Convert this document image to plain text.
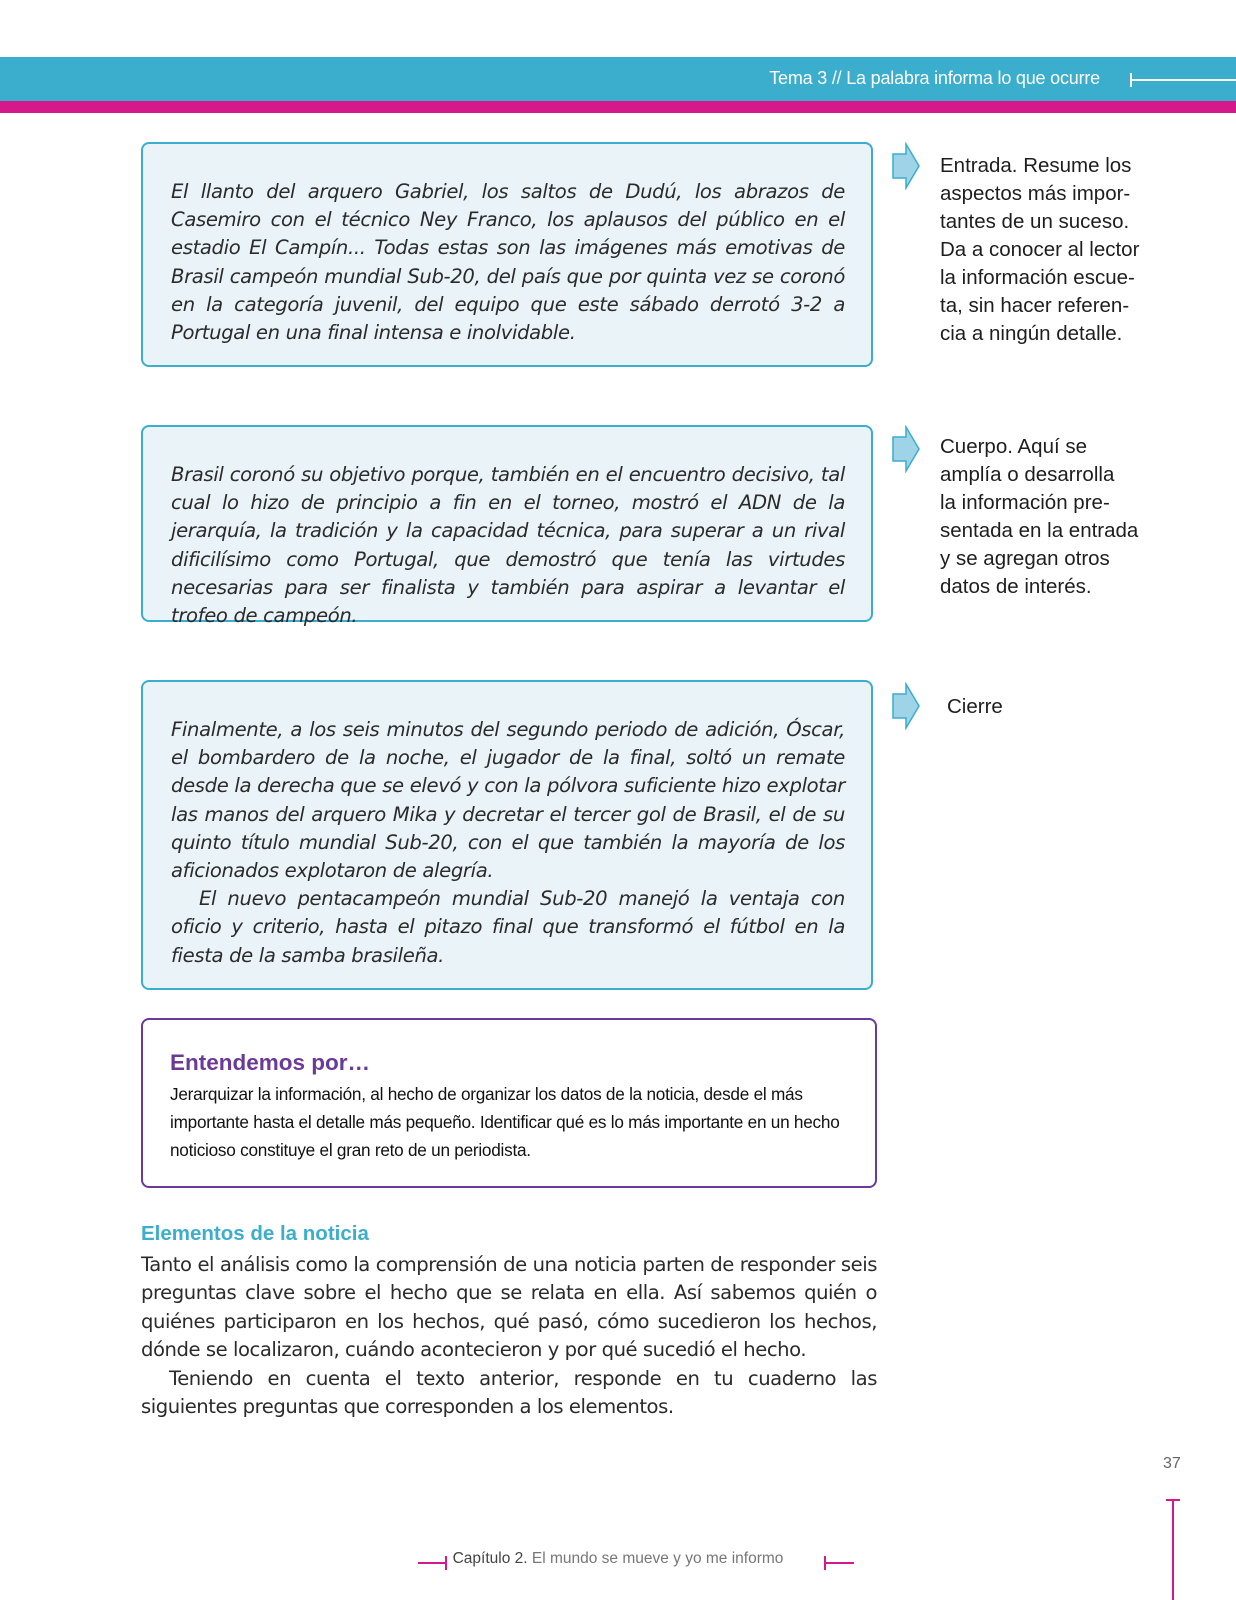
Tema 3 // La palabra informa lo que ocurre

El llanto del arquero Gabriel, los saltos de Dudú, los abrazos de Casemiro con el técnico Ney Franco, los aplausos del público en el estadio El Campín... Todas estas son las imágenes más emotivas de Brasil campeón mundial Sub-20, del país que por quinta vez se coronó en la categoría juvenil, del equipo que este sábado derrotó 3-2 a Portugal en una final intensa e inolvidable.

Entrada. Resume los
aspectos más impor-
tantes de un suceso.
Da a conocer al lector
la información escue-
ta, sin hacer referen-
cia a ningún detalle.

Brasil coronó su objetivo porque, también en el encuentro decisivo, tal cual lo hizo de principio a fin en el torneo, mostró el ADN de la jerarquía, la tradición y la capacidad técnica, para superar a un rival dificilísimo como Portugal, que demostró que tenía las virtudes necesarias para ser finalista y también para aspirar a levantar el trofeo de campeón.

Cuerpo. Aquí se
amplía o desarrolla
la información pre-
sentada en la entrada
y se agregan otros
datos de interés.

Finalmente, a los seis minutos del segundo periodo de adición, Óscar, el bombardero de la noche, el jugador de la final, soltó un remate desde la derecha que se elevó y con la pólvora suficiente hizo explotar las manos del arquero Mika y decretar el tercer gol de Brasil, el de su quinto título mundial Sub-20, con el que también la mayoría de los aficionados explotaron de alegría.

El nuevo pentacampeón mundial Sub-20 manejó la ventaja con oficio y criterio, hasta el pitazo final que transformó el fútbol en la fiesta de la samba brasileña.

Cierre

Entendemos por…

Jerarquizar la información, al hecho de organizar los datos de la noticia, desde el más importante hasta el detalle más pequeño. Identificar qué es lo más importante en un hecho noticioso constituye el gran reto de un periodista.

Elementos de la noticia

Tanto el análisis como la comprensión de una noticia parten de responder seis preguntas clave sobre el hecho que se relata en ella. Así sabemos quién o quiénes participaron en los hechos, qué pasó, cómo sucedieron los hechos, dónde se localizaron, cuándo acontecieron y por qué sucedió el hecho.

Teniendo en cuenta el texto anterior, responde en tu cuaderno las siguientes preguntas que corresponden a los elementos.

37
Capítulo 2. El mundo se mueve y yo me informo
